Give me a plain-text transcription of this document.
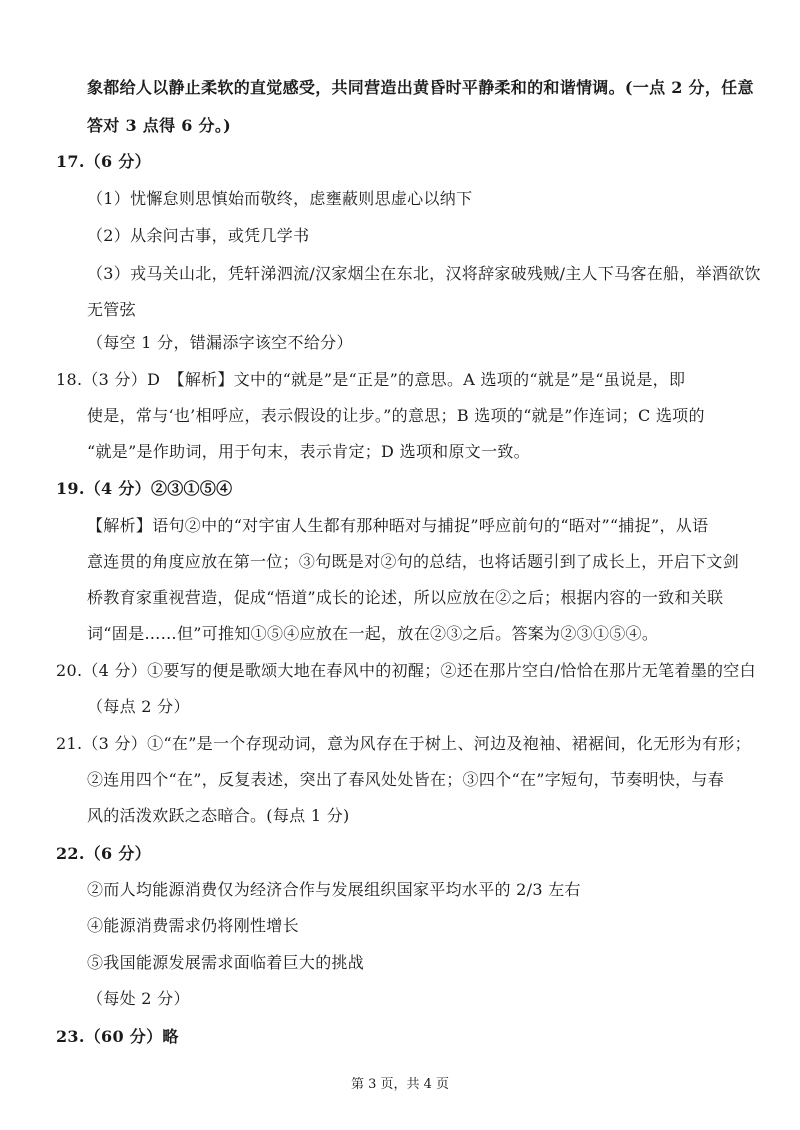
象都给人以静止柔软的直觉感受，共同营造出黄昏时平静柔和的和谐情调。(一点 2 分，任意

答对 3 点得 6 分。)

17.（6 分）

（1）忧懈怠则思慎始而敬终，虑壅蔽则思虚心以纳下

（2）从余问古事，或凭几学书

（3）戎马关山北，凭轩涕泗流/汉家烟尘在东北，汉将辞家破残贼/主人下马客在船，举酒欲饮

无管弦

（每空 1 分，错漏添字该空不给分）

18.（3 分）D　【解析】文中的“就是”是“正是”的意思。A 选项的“就是”是“虽说是，即

使是，常与‘也’相呼应，表示假设的让步。”的意思；B 选项的“就是”作连词；C 选项的

“就是”是作助词，用于句末，表示肯定；D 选项和原文一致。

19.（4 分）②③①⑤④

【解析】语句②中的“对宇宙人生都有那种晤对与捕捉”呼应前句的“晤对”“捕捉”，从语

意连贯的角度应放在第一位；③句既是对②句的总结，也将话题引到了成长上，开启下文剑

桥教育家重视营造，促成“悟道”成长的论述，所以应放在②之后；根据内容的一致和关联

词“固是……但”可推知①⑤④应放在一起，放在②③之后。答案为②③①⑤④。

20.（4 分）①要写的便是歌颂大地在春风中的初醒；②还在那片空白/恰恰在那片无笔着墨的空白

（每点 2 分）

21.（3 分）①“在”是一个存现动词，意为风存在于树上、河边及袍袖、裙裾间，化无形为有形；

②连用四个“在”，反复表述，突出了春风处处皆在；③四个“在”字短句，节奏明快，与春

风的活泼欢跃之态暗合。(每点 1 分)

22.（6 分）

②而人均能源消费仅为经济合作与发展组织国家平均水平的 2/3 左右

④能源消费需求仍将刚性增长

⑤我国能源发展需求面临着巨大的挑战

（每处 2 分）

23.（60 分）略

第 3 页，共 4 页
